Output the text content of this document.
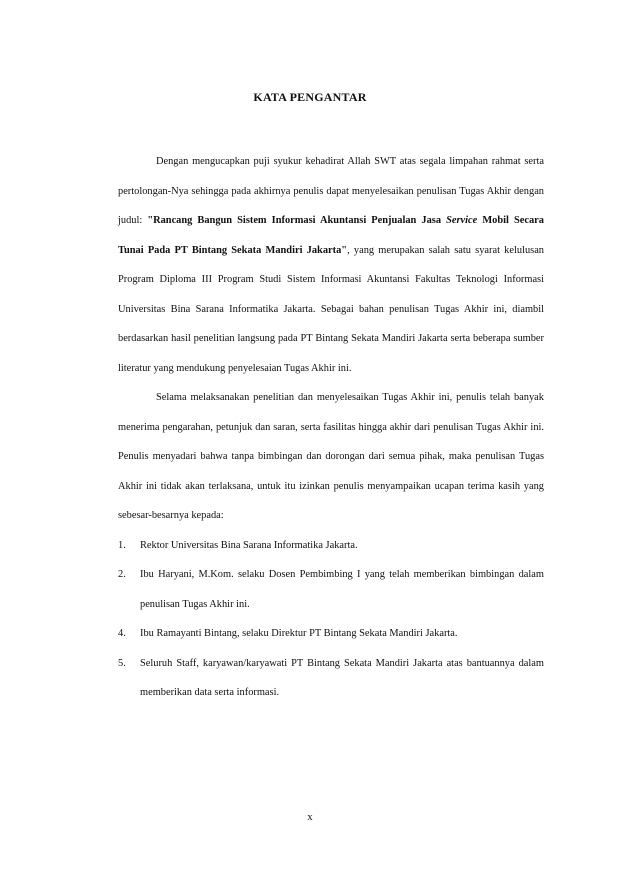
KATA PENGANTAR

Dengan mengucapkan puji syukur kehadirat Allah SWT atas segala limpahan rahmat serta pertolongan-Nya sehingga pada akhirnya penulis dapat menyelesaikan penulisan Tugas Akhir dengan judul: "Rancang Bangun Sistem Informasi Akuntansi Penjualan Jasa Service Mobil Secara Tunai Pada PT Bintang Sekata Mandiri Jakarta", yang merupakan salah satu syarat kelulusan Program Diploma III Program Studi Sistem Informasi Akuntansi Fakultas Teknologi Informasi Universitas Bina Sarana Informatika Jakarta. Sebagai bahan penulisan Tugas Akhir ini, diambil berdasarkan hasil penelitian langsung pada PT Bintang Sekata Mandiri Jakarta serta beberapa sumber literatur yang mendukung penyelesaian Tugas Akhir ini.

Selama melaksanakan penelitian dan menyelesaikan Tugas Akhir ini, penulis telah banyak menerima pengarahan, petunjuk dan saran, serta fasilitas hingga akhir dari penulisan Tugas Akhir ini. Penulis menyadari bahwa tanpa bimbingan dan dorongan dari semua pihak, maka penulisan Tugas Akhir ini tidak akan terlaksana, untuk itu izinkan penulis menyampaikan ucapan terima kasih yang sebesar-besarnya kepada:

1. Rektor Universitas Bina Sarana Informatika Jakarta.
2. Ibu Haryani, M.Kom. selaku Dosen Pembimbing I yang telah memberikan bimbingan dalam penulisan Tugas Akhir ini.
4. Ibu Ramayanti Bintang, selaku Direktur PT Bintang Sekata Mandiri Jakarta.
5. Seluruh Staff, karyawan/karyawati PT Bintang Sekata Mandiri Jakarta atas bantuannya dalam memberikan data serta informasi.
x
